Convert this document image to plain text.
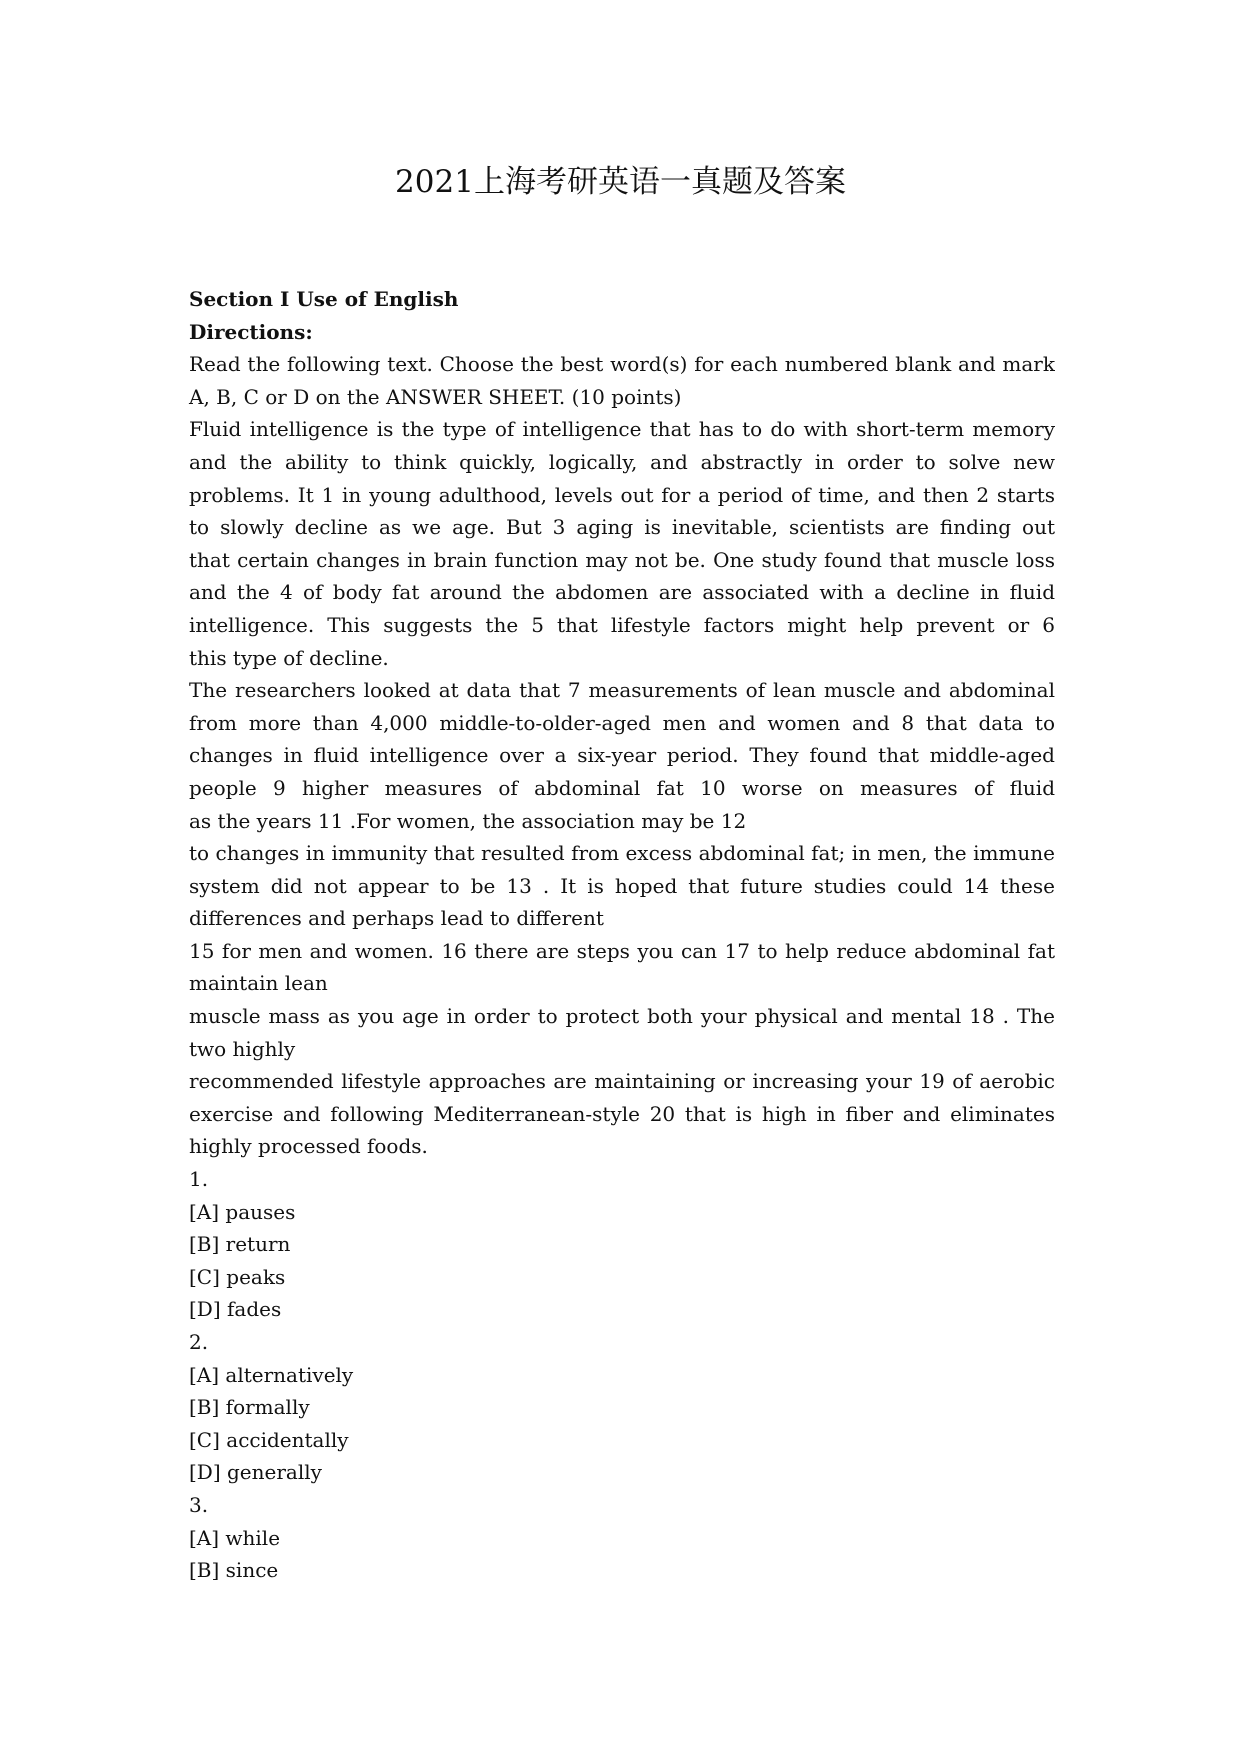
2021上海考研英语一真题及答案
Section Ⅰ Use of English
Directions:
Read the following text. Choose the best word(s) for each numbered blank and mark
A, B, C or D on the ANSWER SHEET. (10 points)
Fluid intelligence is the type of intelligence that has to do with short-term memory
and the ability to think quickly, logically, and abstractly in order to solve new
problems. It 1 in young adulthood, levels out for a period of time, and then 2 starts
to slowly decline as we age. But 3 aging is inevitable, scientists are finding out
that certain changes in brain function may not be. One study found that muscle loss
and the 4 of body fat around the abdomen are associated with a decline in fluid
intelligence. This suggests the 5 that lifestyle factors might help prevent or 6
this type of decline.
The researchers looked at data that 7 measurements of lean muscle and abdominal
from more than 4,000 middle-to-older-aged men and women and 8 that data to
changes in fluid intelligence over a six-year period. They found that middle-aged
people 9 higher measures of abdominal fat 10 worse on measures of fluid
as the years 11 .For women, the association may be 12
to changes in immunity that resulted from excess abdominal fat; in men, the immune
system did not appear to be 13 . It is hoped that future studies could 14 these
differences and perhaps lead to different
15 for men and women. 16 there are steps you can 17 to help reduce abdominal fat
maintain lean
muscle mass as you age in order to protect both your physical and mental 18 . The
two highly
recommended lifestyle approaches are maintaining or increasing your 19 of aerobic
exercise and following Mediterranean-style 20 that is high in fiber and eliminates
highly processed foods.
1.
[A] pauses
[B] return
[C] peaks
[D] fades
2.
[A] alternatively
[B] formally
[C] accidentally
[D] generally
3.
[A] while
[B] since
